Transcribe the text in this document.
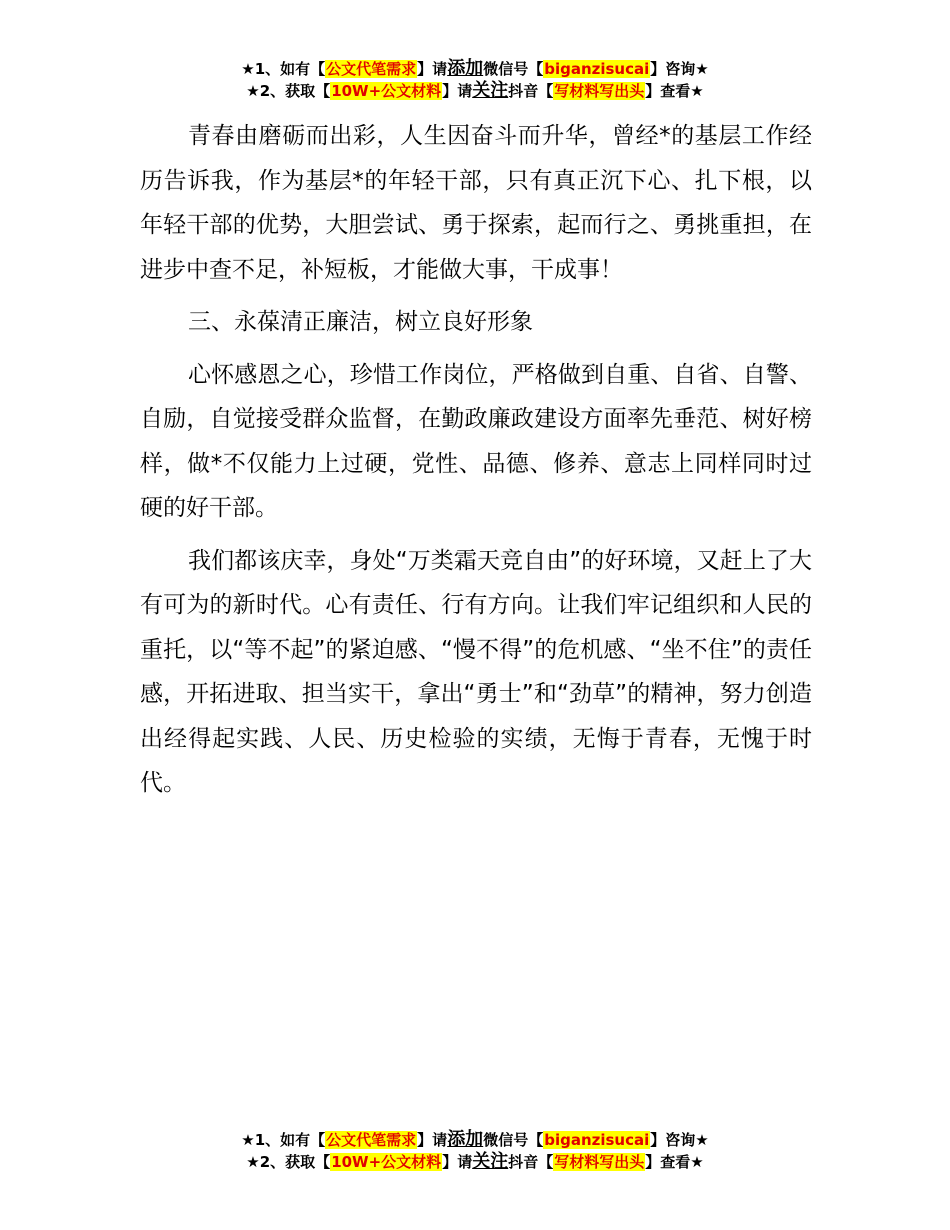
★1、如有【公文代笔需求】请添加微信号【biganzisucai】咨询★
★2、获取【10W+公文材料】请关注抖音【写材料写出头】查看★

青春由磨砺而出彩，人生因奋斗而升华，曾经*的基层工作经历告诉我，作为基层*的年轻干部，只有真正沉下心、扎下根，以年轻干部的优势，大胆尝试、勇于探索，起而行之、勇挑重担，在进步中查不足，补短板，才能做大事，干成事！

三、永葆清正廉洁，树立良好形象

心怀感恩之心，珍惜工作岗位，严格做到自重、自省、自警、自励，自觉接受群众监督，在勤政廉政建设方面率先垂范、树好榜样，做*不仅能力上过硬，党性、品德、修养、意志上同样同时过硬的好干部。

我们都该庆幸，身处“万类霜天竞自由”的好环境，又赶上了大有可为的新时代。心有责任、行有方向。让我们牢记组织和人民的重托，以“等不起”的紧迫感、“慢不得”的危机感、“坐不住”的责任感，开拓进取、担当实干，拿出“勇士”和“劲草”的精神，努力创造出经得起实践、人民、历史检验的实绩，无悔于青春，无愧于时代。

★1、如有【公文代笔需求】请添加微信号【biganzisucai】咨询★
★2、获取【10W+公文材料】请关注抖音【写材料写出头】查看★
